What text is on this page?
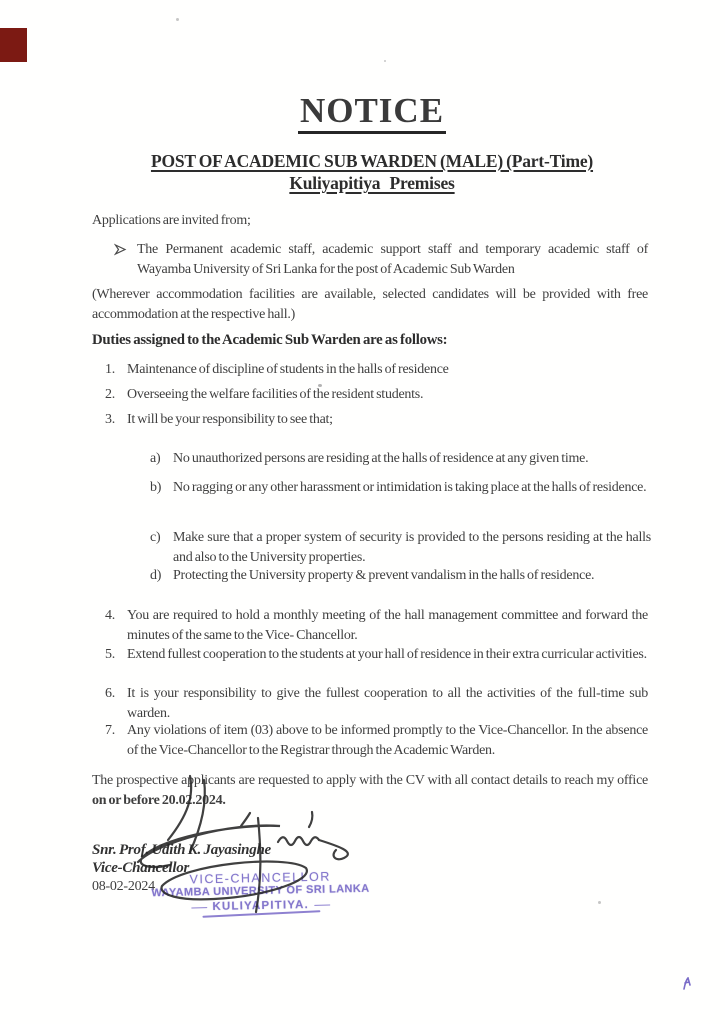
NOTICE
POST OF ACADEMIC SUB WARDEN (MALE) (Part-Time)
Kuliyapitiya Premises
Applications are invited from;
The Permanent academic staff, academic support staff and temporary academic staff of Wayamba University of Sri Lanka for the post of Academic Sub Warden
(Wherever accommodation facilities are available, selected candidates will be provided with free accommodation at the respective hall.)
Duties assigned to the Academic Sub Warden are as follows:
1. Maintenance of discipline of students in the halls of residence
2. Overseeing the welfare facilities of the resident students.
3. It will be your responsibility to see that;
a) No unauthorized persons are residing at the halls of residence at any given time.
b) No ragging or any other harassment or intimidation is taking place at the halls of residence.
c) Make sure that a proper system of security is provided to the persons residing at the halls and also to the University properties.
d) Protecting the University property & prevent vandalism in the halls of residence.
4. You are required to hold a monthly meeting of the hall management committee and forward the minutes of the same to the Vice- Chancellor.
5. Extend fullest cooperation to the students at your hall of residence in their extra curricular activities.
6. It is your responsibility to give the fullest cooperation to all the activities of the full-time sub warden.
7. Any violations of item (03) above to be informed promptly to the Vice-Chancellor. In the absence of the Vice-Chancellor to the Registrar through the Academic Warden.
The prospective applicants are requested to apply with the CV with all contact details to reach my office on or before 20.02.2024.
Snr. Prof. Udith K. Jayasinghe
Vice-Chancellor
08-02-2024
VICE-CHANCELLOR
WAYAMBA UNIVERSITY OF SRI LANKA
KULIYAPITIYA.
